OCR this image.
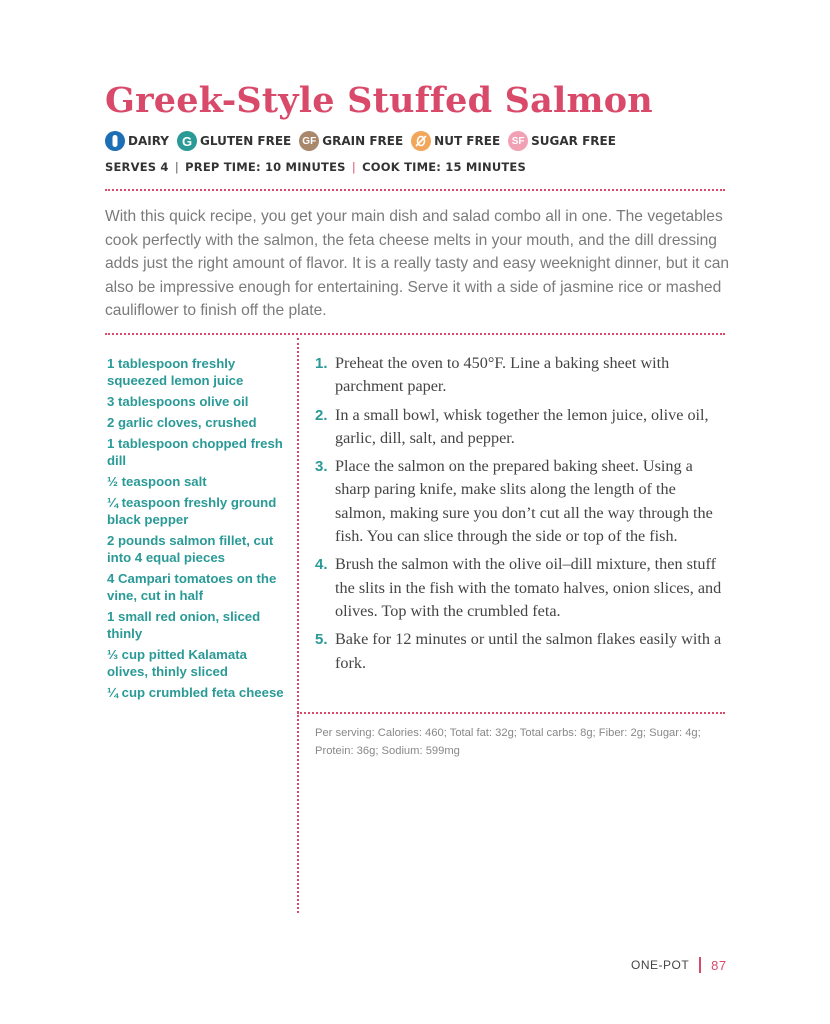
Greek-Style Stuffed Salmon
DAIRY G GLUTEN FREE	GF GRAIN FREE	NUT FREE	SF SUGAR FREE
SERVES 4 | PREP TIME: 10 MINUTES | COOK TIME: 15 MINUTES

With this quick recipe, you get your main dish and salad combo all in one. The vegetables cook perfectly with the salmon, the feta cheese melts in your mouth, and the dill dressing adds just the right amount of flavor. It is a really tasty and easy weeknight dinner, but it can also be impressive enough for entertaining. Serve it with a side of jasmine rice or mashed cauliflower to finish off the plate.

1 tablespoon freshly squeezed lemon juice
3 tablespoons olive oil
2 garlic cloves, crushed
1 tablespoon chopped fresh dill
½ teaspoon salt
¼ teaspoon freshly ground black pepper
2 pounds salmon fillet, cut into 4 equal pieces
4 Campari tomatoes on the vine, cut in half
1 small red onion, sliced thinly
⅓ cup pitted Kalamata olives, thinly sliced
¼ cup crumbled feta cheese
1. Preheat the oven to 450°F. Line a baking sheet with parchment paper.
2. In a small bowl, whisk together the lemon juice, olive oil, garlic, dill, salt, and pepper.
3. Place the salmon on the prepared baking sheet. Using a sharp paring knife, make slits along the length of the salmon, making sure you don’t cut all the way through the fish. You can slice through the side or top of the fish.
4. Brush the salmon with the olive oil–dill mixture, then stuff the slits in the fish with the tomato halves, onion slices, and olives. Top with the crumbled feta.
5. Bake for 12 minutes or until the salmon flakes easily with a fork.

Per serving: Calories: 460; Total fat: 32g; Total carbs: 8g; Fiber: 2g; Sugar: 4g; Protein: 36g; Sodium: 599mg

ONE-POT 87
